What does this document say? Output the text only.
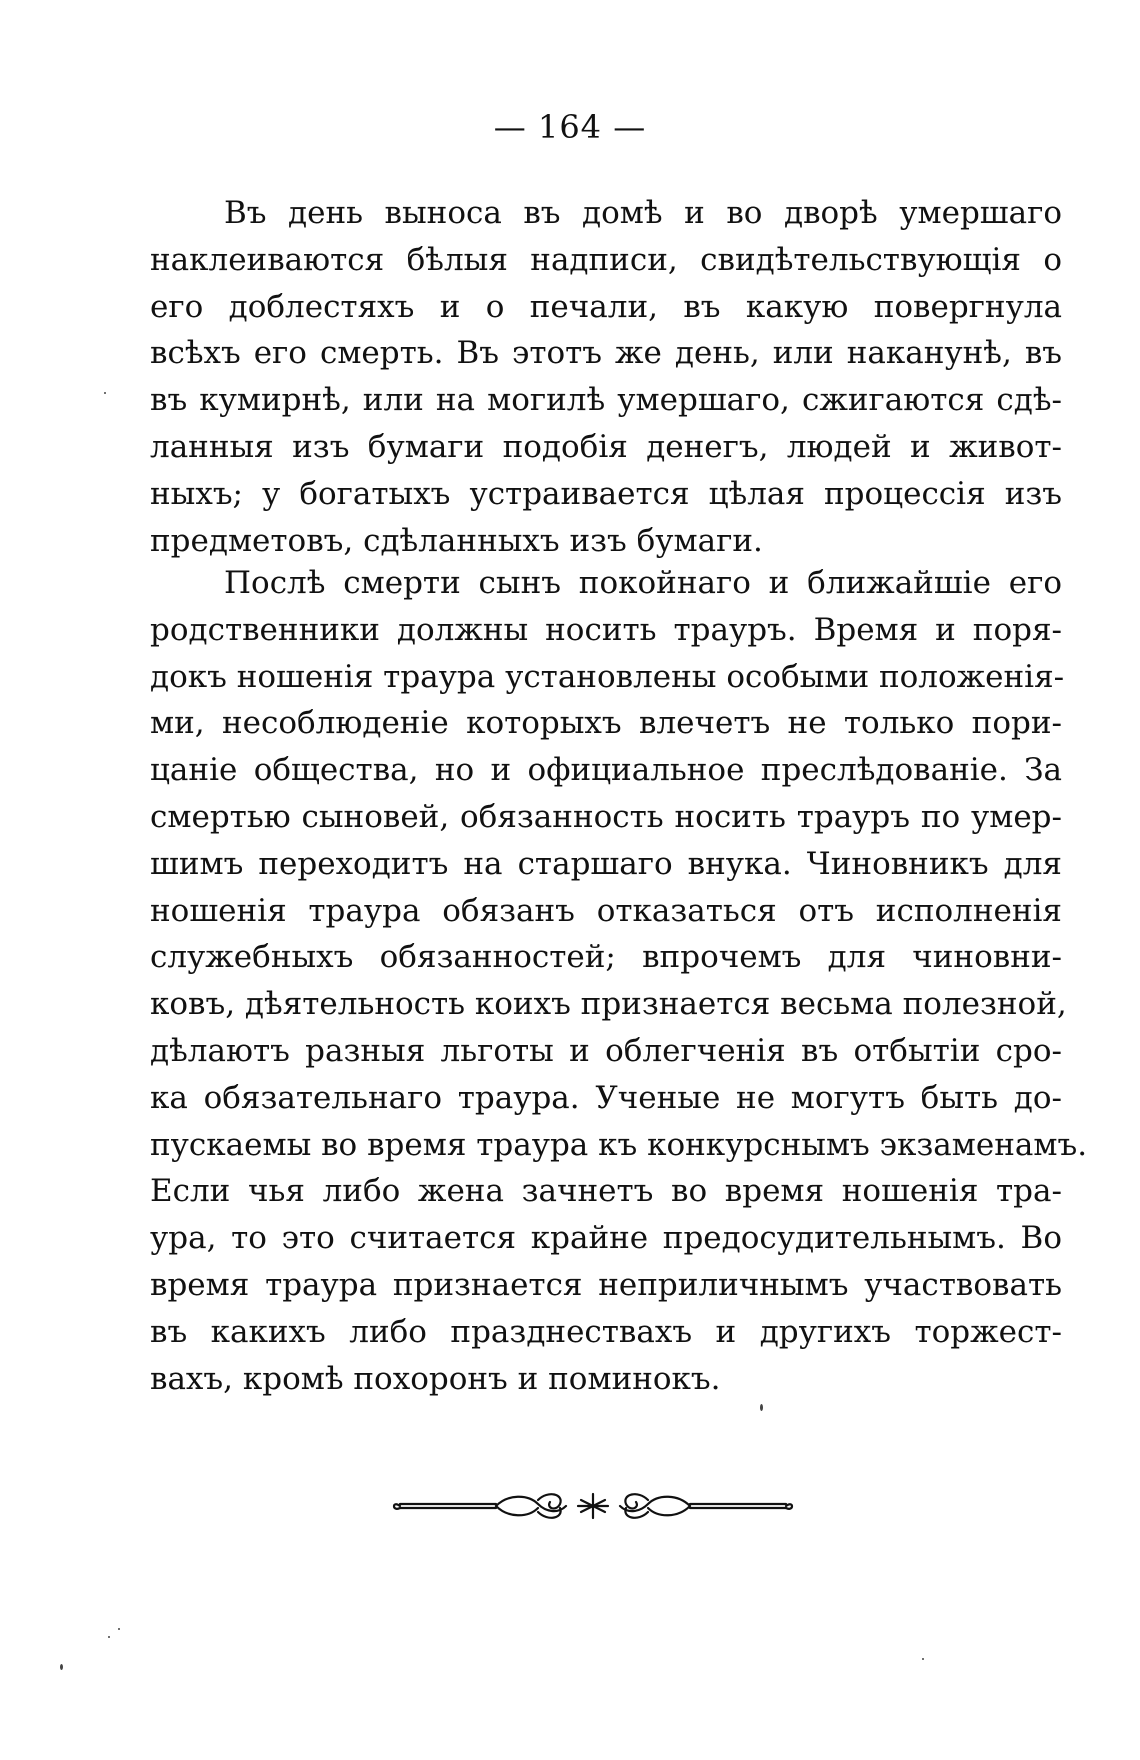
— 164 —
Въ день выноса въ домѣ и во дворѣ умершаго
наклеиваются бѣлыя надписи, свидѣтельствующія о
его доблестяхъ и о печали, въ какую повергнула
всѣхъ его смерть. Въ этотъ же день, или наканунѣ, въ
въ кумирнѣ, или на могилѣ умершаго, сжигаются сдѣ-
ланныя изъ бумаги подобія денегъ, людей и живот-
ныхъ; у богатыхъ устраивается цѣлая процессія изъ
предметовъ, сдѣланныхъ изъ бумаги.
Послѣ смерти сынъ покойнаго и ближайшіе его
родственники должны носить трауръ. Время и поря-
докъ ношенія траура установлены особыми положенія-
ми, несоблюденіе которыхъ влечетъ не только пори-
цаніе общества, но и официальное преслѣдованіе. За
смертью сыновей, обязанность носить трауръ по умер-
шимъ переходитъ на старшаго внука. Чиновникъ для
ношенія траура обязанъ отказаться отъ исполненія
служебныхъ обязанностей; впрочемъ для чиновни-
ковъ, дѣятельность коихъ признается весьма полезной,
дѣлаютъ разныя льготы и облегченія въ отбытіи сро-
ка обязательнаго траура. Ученые не могутъ быть до-
пускаемы во время траура къ конкурснымъ экзаменамъ.
Если чья либо жена зачнетъ во время ношенія тра-
ура, то это считается крайне предосудительнымъ. Во
время траура признается неприличнымъ участвовать
въ какихъ либо празднествахъ и другихъ торжест-
вахъ, кромѣ похоронъ и поминокъ.
